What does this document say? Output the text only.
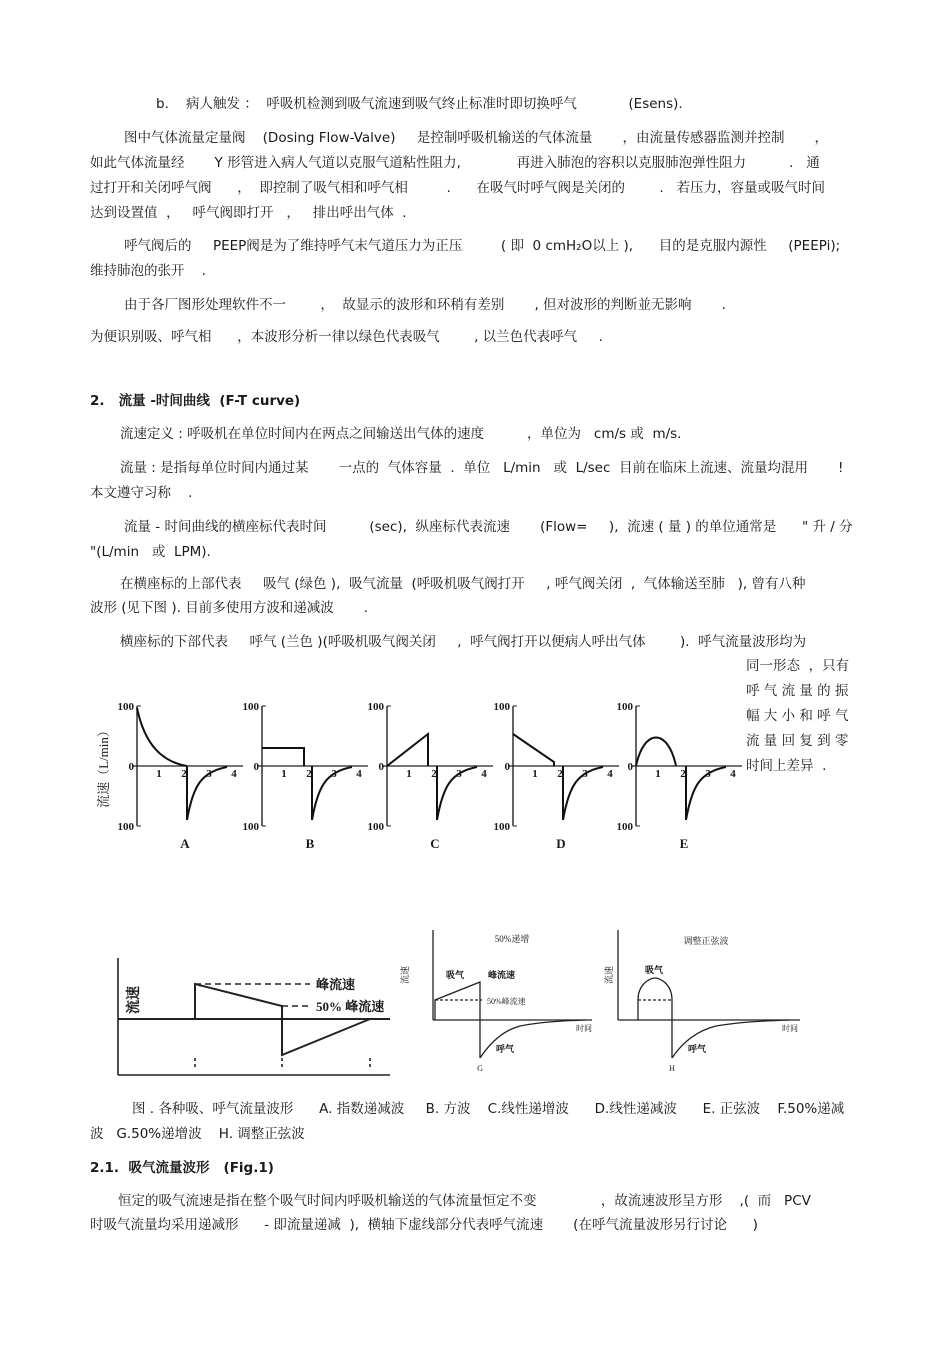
b.    病人触发 ：  呼吸机检测到吸气流速到吸气终止标准时即切换呼气            (Esens).
图中气体流量定量阀    (Dosing Flow-Valve)     是控制呼吸机输送的气体流量       ，由流量传感器监测并控制       ，
如此气体流量经       Y 形管进入病人气道以克服气道粘性阻力,             再进入肺泡的容积以克服肺泡弹性阻力          .   通
过打开和关闭呼气阀      ，  即控制了吸气相和呼气相         .      在吸气时呼气阀是关闭的        .   若压力，容量或吸气时间
达到设置值  ，   呼气阀即打开   ，   排出呼出气体  .
呼气阀后的     PEEP阀是为了维持呼气末气道压力为正压         ( 即  0 cmH₂O以上 ),      目的是克服内源性     (PEEPi);
维持肺泡的张开    .
由于各厂图形处理软件不一        ，  故显示的波形和环稍有差别       , 但对波形的判断並无影响       .
为便识别吸、呼气相      ，本波形分析一律以绿色代表吸气        , 以兰色代表呼气     .
2.   流量 -时间曲线  (F-T curve)
流速定义 : 呼吸机在单位时间内在两点之间输送出气体的速度          ，单位为   cm/s 或  m/s.
流量 : 是指每单位时间内通过某       一点的  气体容量  .  单位   L/min   或  L/sec  目前在临床上流速、流量均混用       !
本文遵守习称    .
流量 - 时间曲线的横座标代表时间          (sec),  纵座标代表流速       (Flow=     ),  流速 ( 量 ) 的单位通常是      " 升 / 分
"(L/min   或  LPM).
在横座标的上部代表     吸气 (绿色 ),  吸气流量  (呼吸机吸气阀打开     , 呼气阀关闭  ,  气体输送至肺   ), 曾有八种
波形 (见下图 ). 目前多使用方波和递减波       .
横座标的下部代表     呼气 (兰色 )(呼吸机吸气阀关闭     ,  呼气阀打开以便病人呼出气体        ).  呼气流量波形均为
同一形态  ，只有
呼 气 流 量 的 振
幅 大 小 和 呼 气
流 量 回 复 到 零
时间上差异  .
图 . 各种吸、呼气流量波形      A. 指数递减波     B. 方波    C.线性递增波      D.线性递减波      E. 正弦波    F.50%递减
波   G.50%递增波    H. 调整正弦波
2.1.  吸气流量波形   (Fig.1)
恒定的吸气流速是指在整个吸气时间内呼吸机输送的气体流量恒定不变               ，故流速波形呈方形    ,(  而   PCV
时吸气流量均采用递减形      - 即流量递减  ),  横轴下虚线部分代表呼气流速       (在呼气流量波形另行讨论      )
流速（L/min）
100
0
100
1 2 3 4
A
100
0
100
1 2 3 4
B
100
0
100
1 2 3 4
C
100
0
100
1 2 3 4
D
100
0
100
1 2 3 4
E
流速
峰流速
50% 峰流速
50%递增
流速	吸气	峰流速
50%峰流速
时间
呼气
G
调整正弦波
流速	吸气
时间
呼气
H
